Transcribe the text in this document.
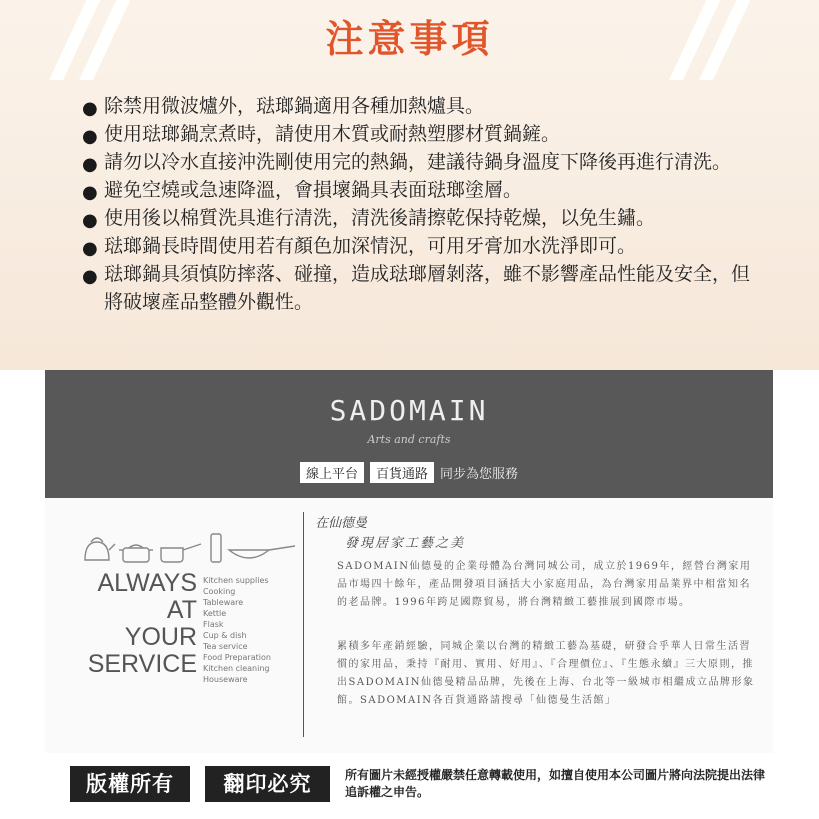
注意事項
● 除禁用微波爐外，琺瑯鍋適用各種加熱爐具。
● 使用琺瑯鍋烹煮時，請使用木質或耐熱塑膠材質鍋鏟。
● 請勿以冷水直接沖洗剛使用完的熱鍋，建議待鍋身溫度下降後再進行清洗。
● 避免空燒或急速降溫，會損壞鍋具表面琺瑯塗層。
● 使用後以棉質洗具進行清洗，清洗後請擦乾保持乾燥，以免生鏽。
● 琺瑯鍋長時間使用若有顏色加深情況，可用牙膏加水洗淨即可。
● 琺瑯鍋具須慎防摔落、碰撞，造成琺瑯層剝落，雖不影響產品性能及安全，但將破壞產品整體外觀性。
SADOMAIN
Arts and crafts
線上平台 百貨通路 同步為您服務
ALWAYS AT
YOUR
SERVICE
Kitchen supplies
Cooking
Tableware
Kettle
Flask
Cup & dish
Tea service
Food Preparation
Kitchen cleaning
Houseware
在仙德曼
發現居家工藝之美
SADOMAIN仙德曼的企業母體為台灣同城公司，成立於1969年，經營台灣家用品市場四十餘年，產品開發項目涵括大小家庭用品，為台灣家用品業界中相當知名的老品牌。1996年跨足國際貿易，將台灣精緻工藝推展到國際市場。
累積多年產銷經驗，同城企業以台灣的精緻工藝為基礎，研發合乎華人日常生活習慣的家用品，秉持『耐用、實用、好用』、『合理價位』、『生態永續』三大原則，推出SADOMAIN仙德曼精品品牌，先後在上海、台北等一級城市相繼成立品牌形象館。SADOMAIN各百貨通路請搜尋「仙德曼生活館」
版權所有	翻印必究	所有圖片未經授權嚴禁任意轉載使用，如擅自使用本公司圖片將向法院提出法律追訴權之申告。
